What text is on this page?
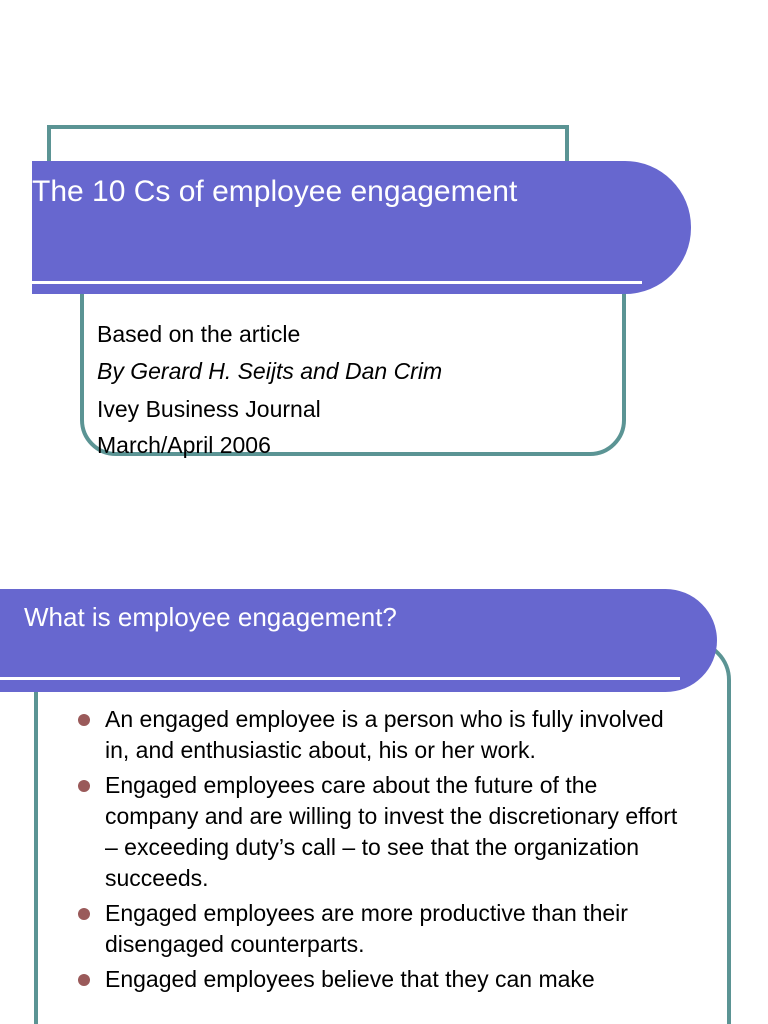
The 10 Cs of employee engagement
Based on the article
By Gerard H. Seijts and Dan Crim
Ivey Business Journal
March/April 2006
What is employee engagement?
An engaged employee is a person who is fully involved in, and enthusiastic about, his or her work.
Engaged employees care about the future of the company and are willing to invest the discretionary effort – exceeding duty’s call – to see that the organization succeeds.
Engaged employees are more productive than their disengaged counterparts.
Engaged employees believe that they can make
